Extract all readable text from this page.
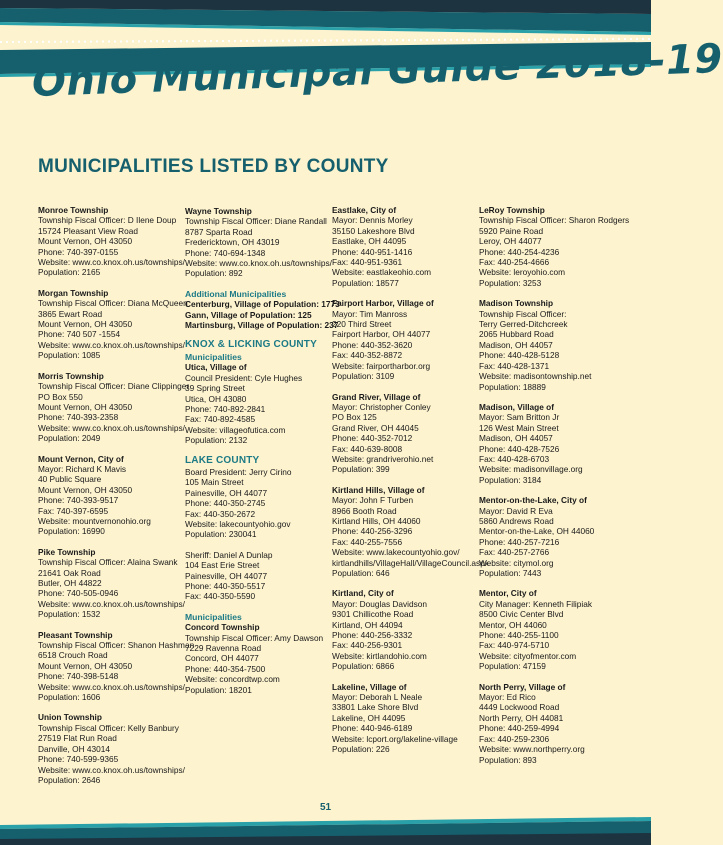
Ohio Municipal Guide 2018-19
MUNICIPALITIES LISTED BY COUNTY
Monroe Township
Township Fiscal Officer: D Ilene Doup
15724 Pleasant View Road
Mount Vernon, OH 43050
Phone: 740-397-0155
Website: www.co.knox.oh.us/townships/
Population: 2165
Morgan Township
Township Fiscal Officer: Diana McQueen
3865 Ewart Road
Mount Vernon, OH 43050
Phone: 740 507 -1554
Website: www.co.knox.oh.us/townships/
Population: 1085
Morris Township
Township Fiscal Officer: Diane Clippinger
PO Box 550
Mount Vernon, OH 43050
Phone: 740-393-2358
Website: www.co.knox.oh.us/townships/
Population: 2049
Mount Vernon, City of
Mayor: Richard K Mavis
40 Public Square
Mount Vernon, OH 43050
Phone: 740-393-9517
Fax: 740-397-6595
Website: mountvernonohio.org
Population: 16990
Pike Township
Township Fiscal Officer: Alaina Swank
21641 Oak Road
Butler, OH 44822
Phone: 740-505-0946
Website: www.co.knox.oh.us/townships/
Population: 1532
Pleasant Township
Township Fiscal Officer: Shanon Hashman
6518 Crouch Road
Mount Vernon, OH 43050
Phone: 740-398-5148
Website: www.co.knox.oh.us/townships/
Population: 1606
Union Township
Township Fiscal Officer: Kelly Banbury
27519 Flat Run Road
Danville, OH 43014
Phone: 740-599-9365
Website: www.co.knox.oh.us/townships/
Population: 2646
Wayne Township
Township Fiscal Officer: Diane Randall
8787 Sparta Road
Fredericktown, OH 43019
Phone: 740-694-1348
Website: www.co.knox.oh.us/townships/
Population: 892
Additional Municipalities
Centerburg, Village of Population: 1773
Gann, Village of Population: 125
Martinsburg, Village of Population: 237
KNOX & LICKING COUNTY
Municipalities
Utica, Village of
Council President: Cyle Hughes
39 Spring Street
Utica, OH 43080
Phone: 740-892-2841
Fax: 740-892-4585
Website: villageofutica.com
Population: 2132
LAKE COUNTY
Board President: Jerry Cirino
105 Main Street
Painesville, OH 44077
Phone: 440-350-2745
Fax: 440-350-2672
Website: lakecountyohio.gov
Population: 230041
Sheriff: Daniel A Dunlap
104 East Erie Street
Painesville, OH 44077
Phone: 440-350-5517
Fax: 440-350-5590
Municipalities
Concord Township
Township Fiscal Officer: Amy Dawson
7229 Ravenna Road
Concord, OH 44077
Phone: 440-354-7500
Website: concordtwp.com
Population: 18201
Eastlake, City of
Mayor: Dennis Morley
35150 Lakeshore Blvd
Eastlake, OH 44095
Phone: 440-951-1416
Fax: 440-951-9361
Website: eastlakeohio.com
Population: 18577
Fairport Harbor, Village of
Mayor: Tim Manross
220 Third Street
Fairport Harbor, OH 44077
Phone: 440-352-3620
Fax: 440-352-8872
Website: fairportharbor.org
Population: 3109
Grand River, Village of
Mayor: Christopher Conley
PO Box 125
Grand River, OH 44045
Phone: 440-352-7012
Fax: 440-639-8008
Website: grandriverohio.net
Population: 399
Kirtland Hills, Village of
Mayor: John F Turben
8966 Booth Road
Kirtland Hills, OH 44060
Phone: 440-256-3296
Fax: 440-255-7556
Website: www.lakecountyohio.gov/
kirtlandhills/VillageHall/VillageCouncil.aspx
Population: 646
Kirtland, City of
Mayor: Douglas Davidson
9301 Chillicothe Road
Kirtland, OH 44094
Phone: 440-256-3332
Fax: 440-256-9301
Website: kirtlandohio.com
Population: 6866
Lakeline, Village of
Mayor: Deborah L Neale
33801 Lake Shore Blvd
Lakeline, OH 44095
Phone: 440-946-6189
Website: lcport.org/lakeline-village
Population: 226
LeRoy Township
Township Fiscal Officer: Sharon Rodgers
5920 Paine Road
Leroy, OH 44077
Phone: 440-254-4236
Fax: 440-254-4666
Website: leroyohio.com
Population: 3253
Madison Township
Township Fiscal Officer:
Terry Gerred-Ditchcreek
2065 Hubbard Road
Madison, OH 44057
Phone: 440-428-5128
Fax: 440-428-1371
Website: madisontownship.net
Population: 18889
Madison, Village of
Mayor: Sam Britton Jr
126 West Main Street
Madison, OH 44057
Phone: 440-428-7526
Fax: 440-428-6703
Website: madisonvillage.org
Population: 3184
Mentor-on-the-Lake, City of
Mayor: David R Eva
5860 Andrews Road
Mentor-on-the-Lake, OH 44060
Phone: 440-257-7216
Fax: 440-257-2766
Website: citymol.org
Population: 7443
Mentor, City of
City Manager: Kenneth Filipiak
8500 Civic Center Blvd
Mentor, OH 44060
Phone: 440-255-1100
Fax: 440-974-5710
Website: cityofmentor.com
Population: 47159
North Perry, Village of
Mayor: Ed Rico
4449 Lockwood Road
North Perry, OH 44081
Phone: 440-259-4994
Fax: 440-259-2306
Website: www.northperry.org
Population: 893
51
